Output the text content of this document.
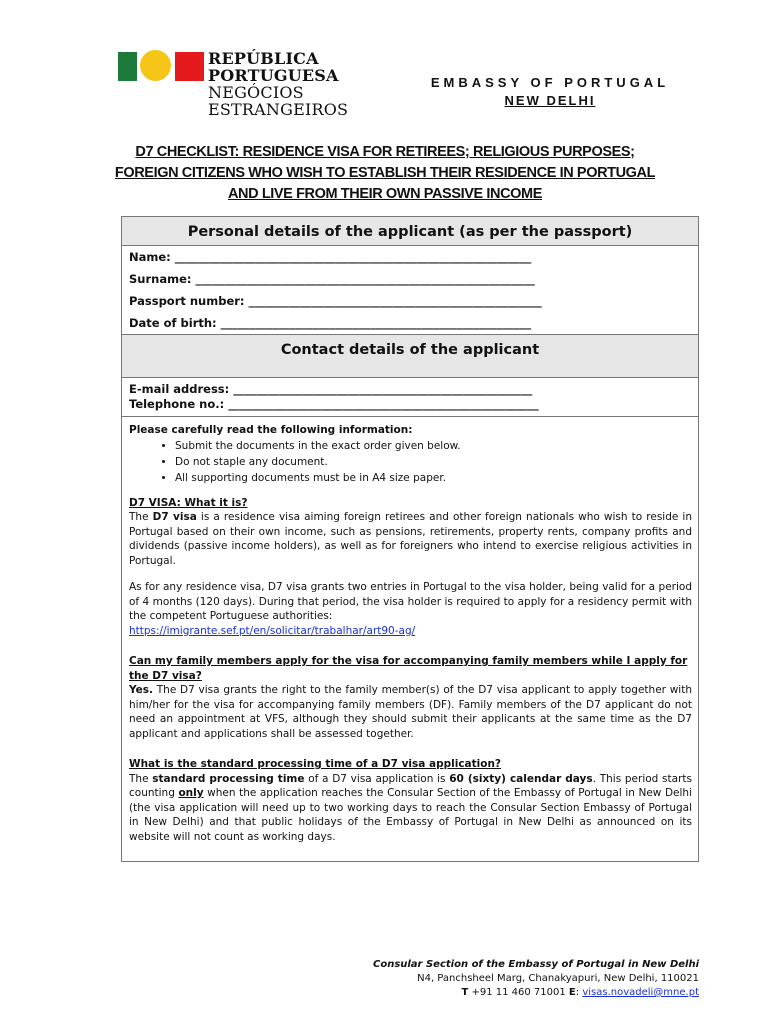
REPÚBLICA
PORTUGUESA
NEGÓCIOS
ESTRANGEIROS
EMBASSY OF PORTUGAL
NEW DELHI
D7 CHECKLIST: RESIDENCE VISA FOR RETIREES; RELIGIOUS PURPOSES;
FOREIGN CITIZENS WHO WISH TO ESTABLISH THEIR RESIDENCE IN PORTUGAL
AND LIVE FROM THEIR OWN PASSIVE INCOME
Personal details of the applicant (as per the passport)
Name: ______________________________________________________________
Surname: ___________________________________________________________
Passport number: ___________________________________________________
Date of birth: ______________________________________________________
Contact details of the applicant
E-mail address: ____________________________________________________
Telephone no.: ______________________________________________________
Please carefully read the following information:
• Submit the documents in the exact order given below.
• Do not staple any document.
• All supporting documents must be in A4 size paper.
D7 VISA: What it is?

The D7 visa is a residence visa aiming foreign retirees and other foreign nationals who wish to reside in Portugal based on their own income, such as pensions, retirements, property rents, company profits and dividends (passive income holders), as well as for foreigners who intend to exercise religious activities in Portugal.

As for any residence visa, D7 visa grants two entries in Portugal to the visa holder, being valid for a period of 4 months (120 days). During that period, the visa holder is required to apply for a residency permit with the competent Portuguese authorities:
https://imigrante.sef.pt/en/solicitar/trabalhar/art90-ag/

Can my family members apply for the visa for accompanying family members while I apply for the D7 visa?

Yes. The D7 visa grants the right to the family member(s) of the D7 visa applicant to apply together with him/her for the visa for accompanying family members (DF). Family members of the D7 applicant do not need an appointment at VFS, although they should submit their applicants at the same time as the D7 applicant and applications shall be assessed together.

What is the standard processing time of a D7 visa application?

The standard processing time of a D7 visa application is 60 (sixty) calendar days. This period starts counting only when the application reaches the Consular Section of the Embassy of Portugal in New Delhi (the visa application will need up to two working days to reach the Consular Section Embassy of Portugal in New Delhi) and that public holidays of the Embassy of Portugal in New Delhi as announced on its website will not count as working days.

Consular Section of the Embassy of Portugal in New Delhi
N4, Panchsheel Marg, Chanakyapuri, New Delhi, 110021
T +91 11 460 71001 E: visas.novadeli@mne.pt
